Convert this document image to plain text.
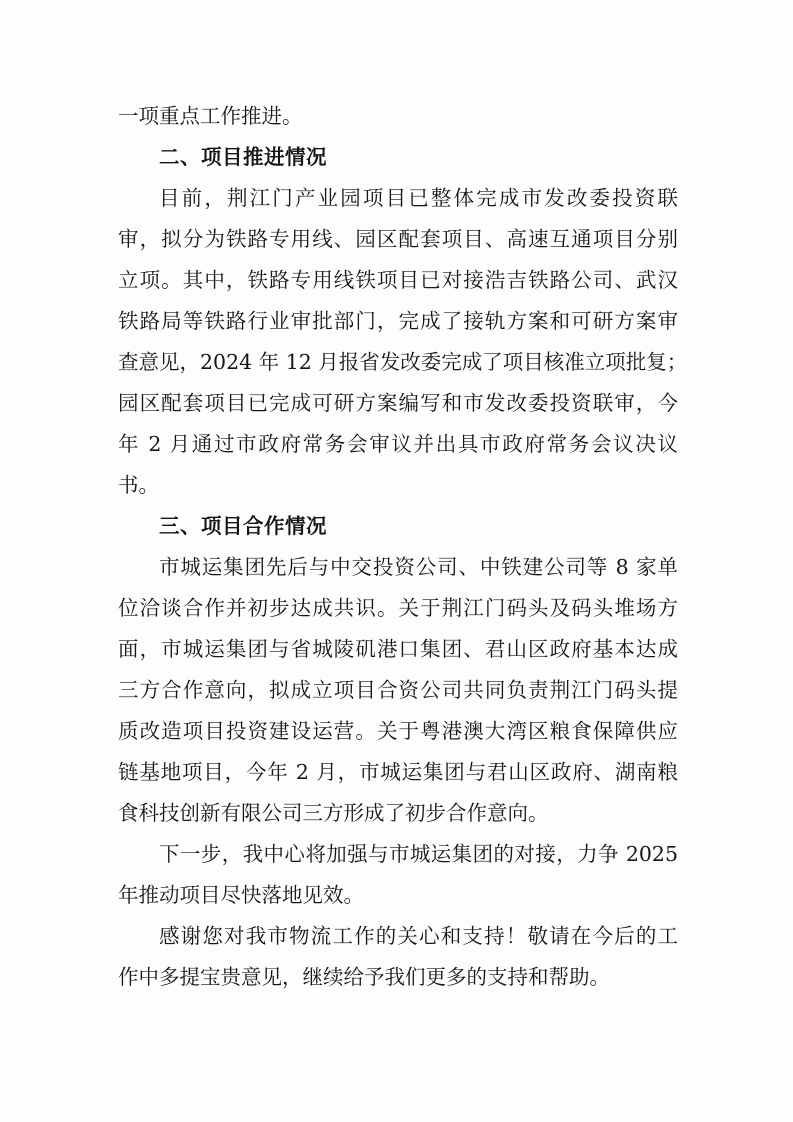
一项重点工作推进。
二、项目推进情况
目前，荆江门产业园项目已整体完成市发改委投资联
审，拟分为铁路专用线、园区配套项目、高速互通项目分别
立项。其中，铁路专用线铁项目已对接浩吉铁路公司、武汉
铁路局等铁路行业审批部门，完成了接轨方案和可研方案审
查意见，2024 年 12 月报省发改委完成了项目核准立项批复；
园区配套项目已完成可研方案编写和市发改委投资联审，今
年 2 月通过市政府常务会审议并出具市政府常务会议决议
书。
三、项目合作情况
市城运集团先后与中交投资公司、中铁建公司等 8 家单
位洽谈合作并初步达成共识。关于荆江门码头及码头堆场方
面，市城运集团与省城陵矶港口集团、君山区政府基本达成
三方合作意向，拟成立项目合资公司共同负责荆江门码头提
质改造项目投资建设运营。关于粤港澳大湾区粮食保障供应
链基地项目，今年 2 月，市城运集团与君山区政府、湖南粮
食科技创新有限公司三方形成了初步合作意向。
下一步，我中心将加强与市城运集团的对接，力争 2025
年推动项目尽快落地见效。
感谢您对我市物流工作的关心和支持！敬请在今后的工
作中多提宝贵意见，继续给予我们更多的支持和帮助。
